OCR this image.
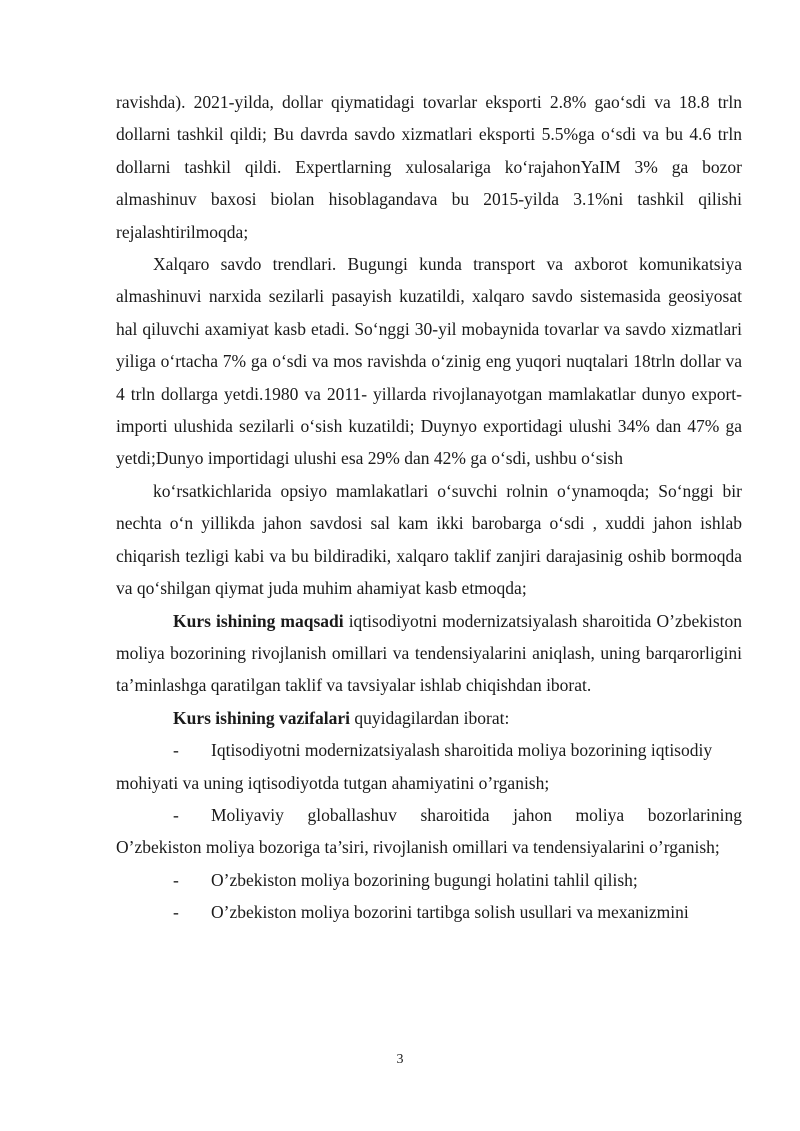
ravishda). 2021-yilda, dollar qiymatidagi tovarlar eksporti 2.8% gao‘sdi va 18.8 trln dollarni tashkil qildi; Bu davrda savdo xizmatlari eksporti 5.5%ga o‘sdi va bu 4.6 trln dollarni tashkil qildi. Expertlarning xulosalariga ko‘rajahonYaIM 3% ga bozor almashinuv baxosi biolan hisoblagandava bu 2015-yilda 3.1%ni tashkil qilishi rejalashtirilmoqda;

Xalqaro savdo trendlari. Bugungi kunda transport va axborot komunikatsiya almashinuvi narxida sezilarli pasayish kuzatildi, xalqaro savdo sistemasida geosiyosat hal qiluvchi axamiyat kasb etadi. So‘nggi 30-yil mobaynida tovarlar va savdo xizmatlari yiliga o‘rtacha 7% ga o‘sdi va mos ravishda o‘zinig eng yuqori nuqtalari 18trln dollar va 4 trln dollarga yetdi.1980 va 2011- yillarda rivojlanayotgan mamlakatlar dunyo export-importi ulushida sezilarli o‘sish kuzatildi; Duynyo exportidagi ulushi 34% dan 47% ga yetdi;Dunyo importidagi ulushi esa 29% dan 42% ga o‘sdi, ushbu o‘sish

ko‘rsatkichlarida opsiyo mamlakatlari o‘suvchi rolnin o‘ynamoqda; So‘nggi bir nechta o‘n yillikda jahon savdosi sal kam ikki barobarga o‘sdi , xuddi jahon ishlab chiqarish tezligi kabi va bu bildiradiki, xalqaro taklif zanjiri darajasinig oshib bormoqda va qo‘shilgan qiymat juda muhim ahamiyat kasb etmoqda;

Kurs ishining maqsadi iqtisodiyotni modernizatsiyalash sharoitida O’zbekiston moliya bozorining rivojlanish omillari va tendensiyalarini aniqlash, uning barqarorligini ta’minlashga qaratilgan taklif va tavsiyalar ishlab chiqishdan iborat.

Kurs ishining vazifalari quyidagilardan iborat:

-	Iqtisodiyotni modernizatsiyalash sharoitida moliya bozorining iqtisodiy

mohiyati va uning iqtisodiyotda tutgan ahamiyatini o’rganish;

-	Moliyaviy globallashuv sharoitida jahon moliya bozorlarining

O’zbekiston moliya bozoriga ta’siri, rivojlanish omillari va tendensiyalarini o’rganish;

-	O’zbekiston moliya bozorining bugungi holatini tahlil qilish;

-	O’zbekiston moliya bozorini tartibga solish usullari va mexanizmini

3
